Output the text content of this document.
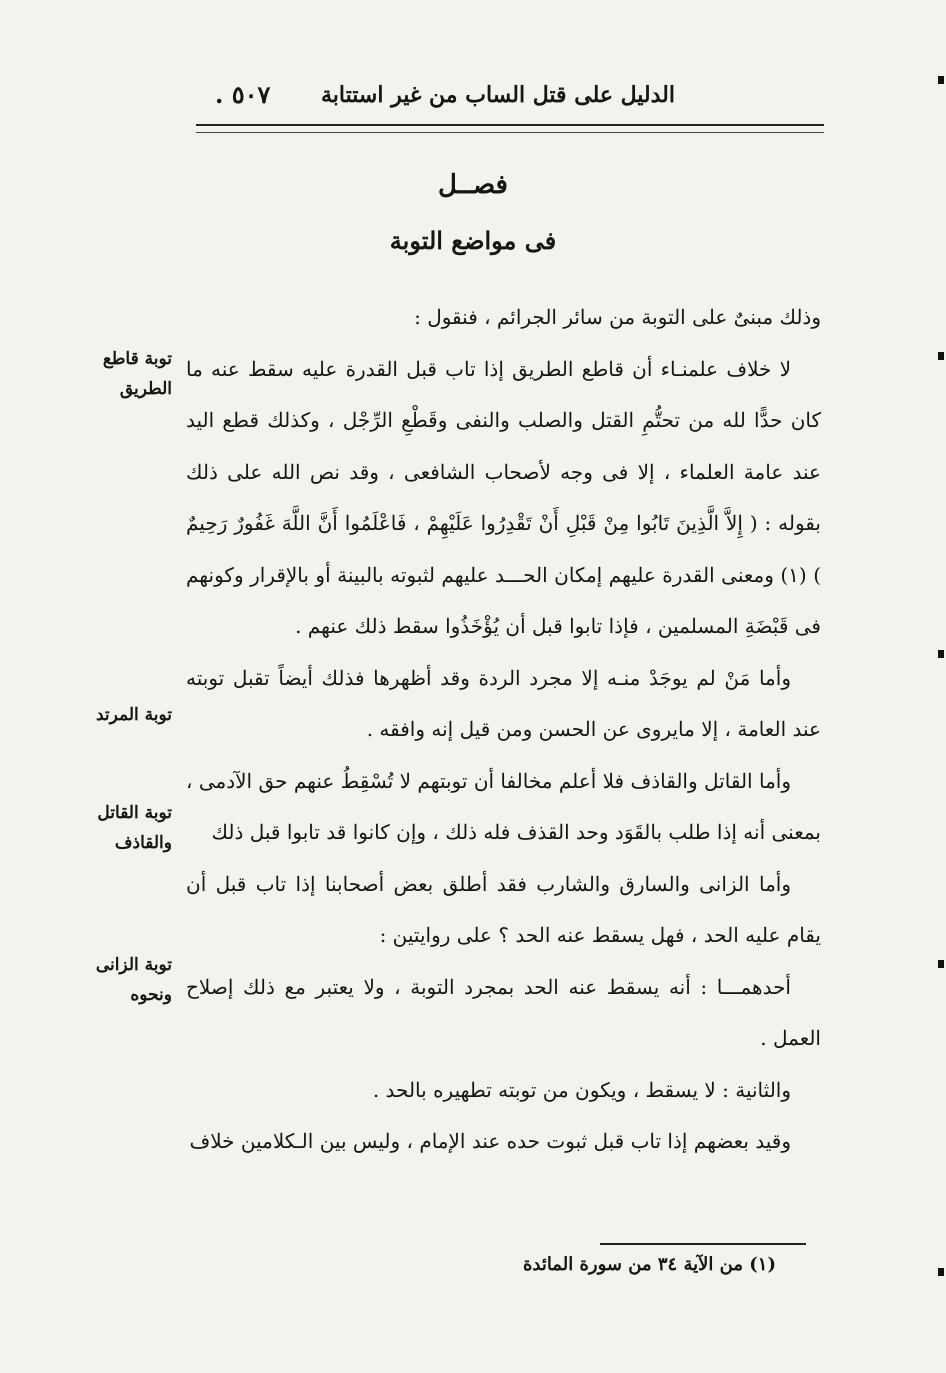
الدليل على قتل الساب من غير استتابة
٥٠٧ .
فصــل
فى مواضع التوبة

وذلك مبنىٌ على التوبة من سائر الجرائم ، فنقول :

لا خلاف علمنـاء أن قاطع الطريق إذا تاب قبل القدرة عليه سقط عنه ما كان حدًّا لله من تحتُّمِ القتل والصلب والنفى وقَطْعِ الرِّجْل ، وكذلك قطع اليد عند عامة العلماء ، إلا فى وجه لأصحاب الشافعى ، وقد نص الله على ذلك بقوله : ( إِلاَّ الَّذِينَ تَابُوا مِنْ قَبْلِ أَنْ تَقْدِرُوا عَلَيْهِمْ ، فَاعْلَمُوا أَنَّ اللَّهَ غَفُورٌ رَحِيمٌ ) (١) ومعنى القدرة عليهم إمكان الحـــد عليهم لثبوته بالبينة أو بالإقرار وكونهم فى قَبْضَةِ المسلمين ، فإذا تابوا قبل أن يُؤْخَذُوا سقط ذلك عنهم .

وأما مَنْ لم يوجَدْ منـه إلا مجرد الردة وقد أظهرها فذلك أيضاً تقبل توبته عند العامة ، إلا مايروى عن الحسن ومن قيل إنه وافقه .

وأما القاتل والقاذف فلا أعلم مخالفا أن توبتهم لا تُسْقِطُ عنهم حق الآدمى ، بمعنى أنه إذا طلب بالقَوَد وحد القذف فله ذلك ، وإن كانوا قد تابوا قبل ذلك

وأما الزانى والسارق والشارب فقد أطلق بعض أصحابنا إذا تاب قبل أن يقام عليه الحد ، فهل يسقط عنه الحد ؟ على روايتين :

أحدهمـــا : أنه يسقط عنه الحد بمجرد التوبة ، ولا يعتبر مع ذلك إصلاح العمل .

والثانية : لا يسقط ، ويكون من توبته تطهيره بالحد .

وقيد بعضهم إذا تاب قبل ثبوت حده عند الإمام ، وليس بين الـكلامين خلاف

توبة قاطع الطريق
توبة المرتد
توبة القاتل والقاذف
توبة الزانى ونحوه
(١) من الآية ٣٤ من سورة المائدة
